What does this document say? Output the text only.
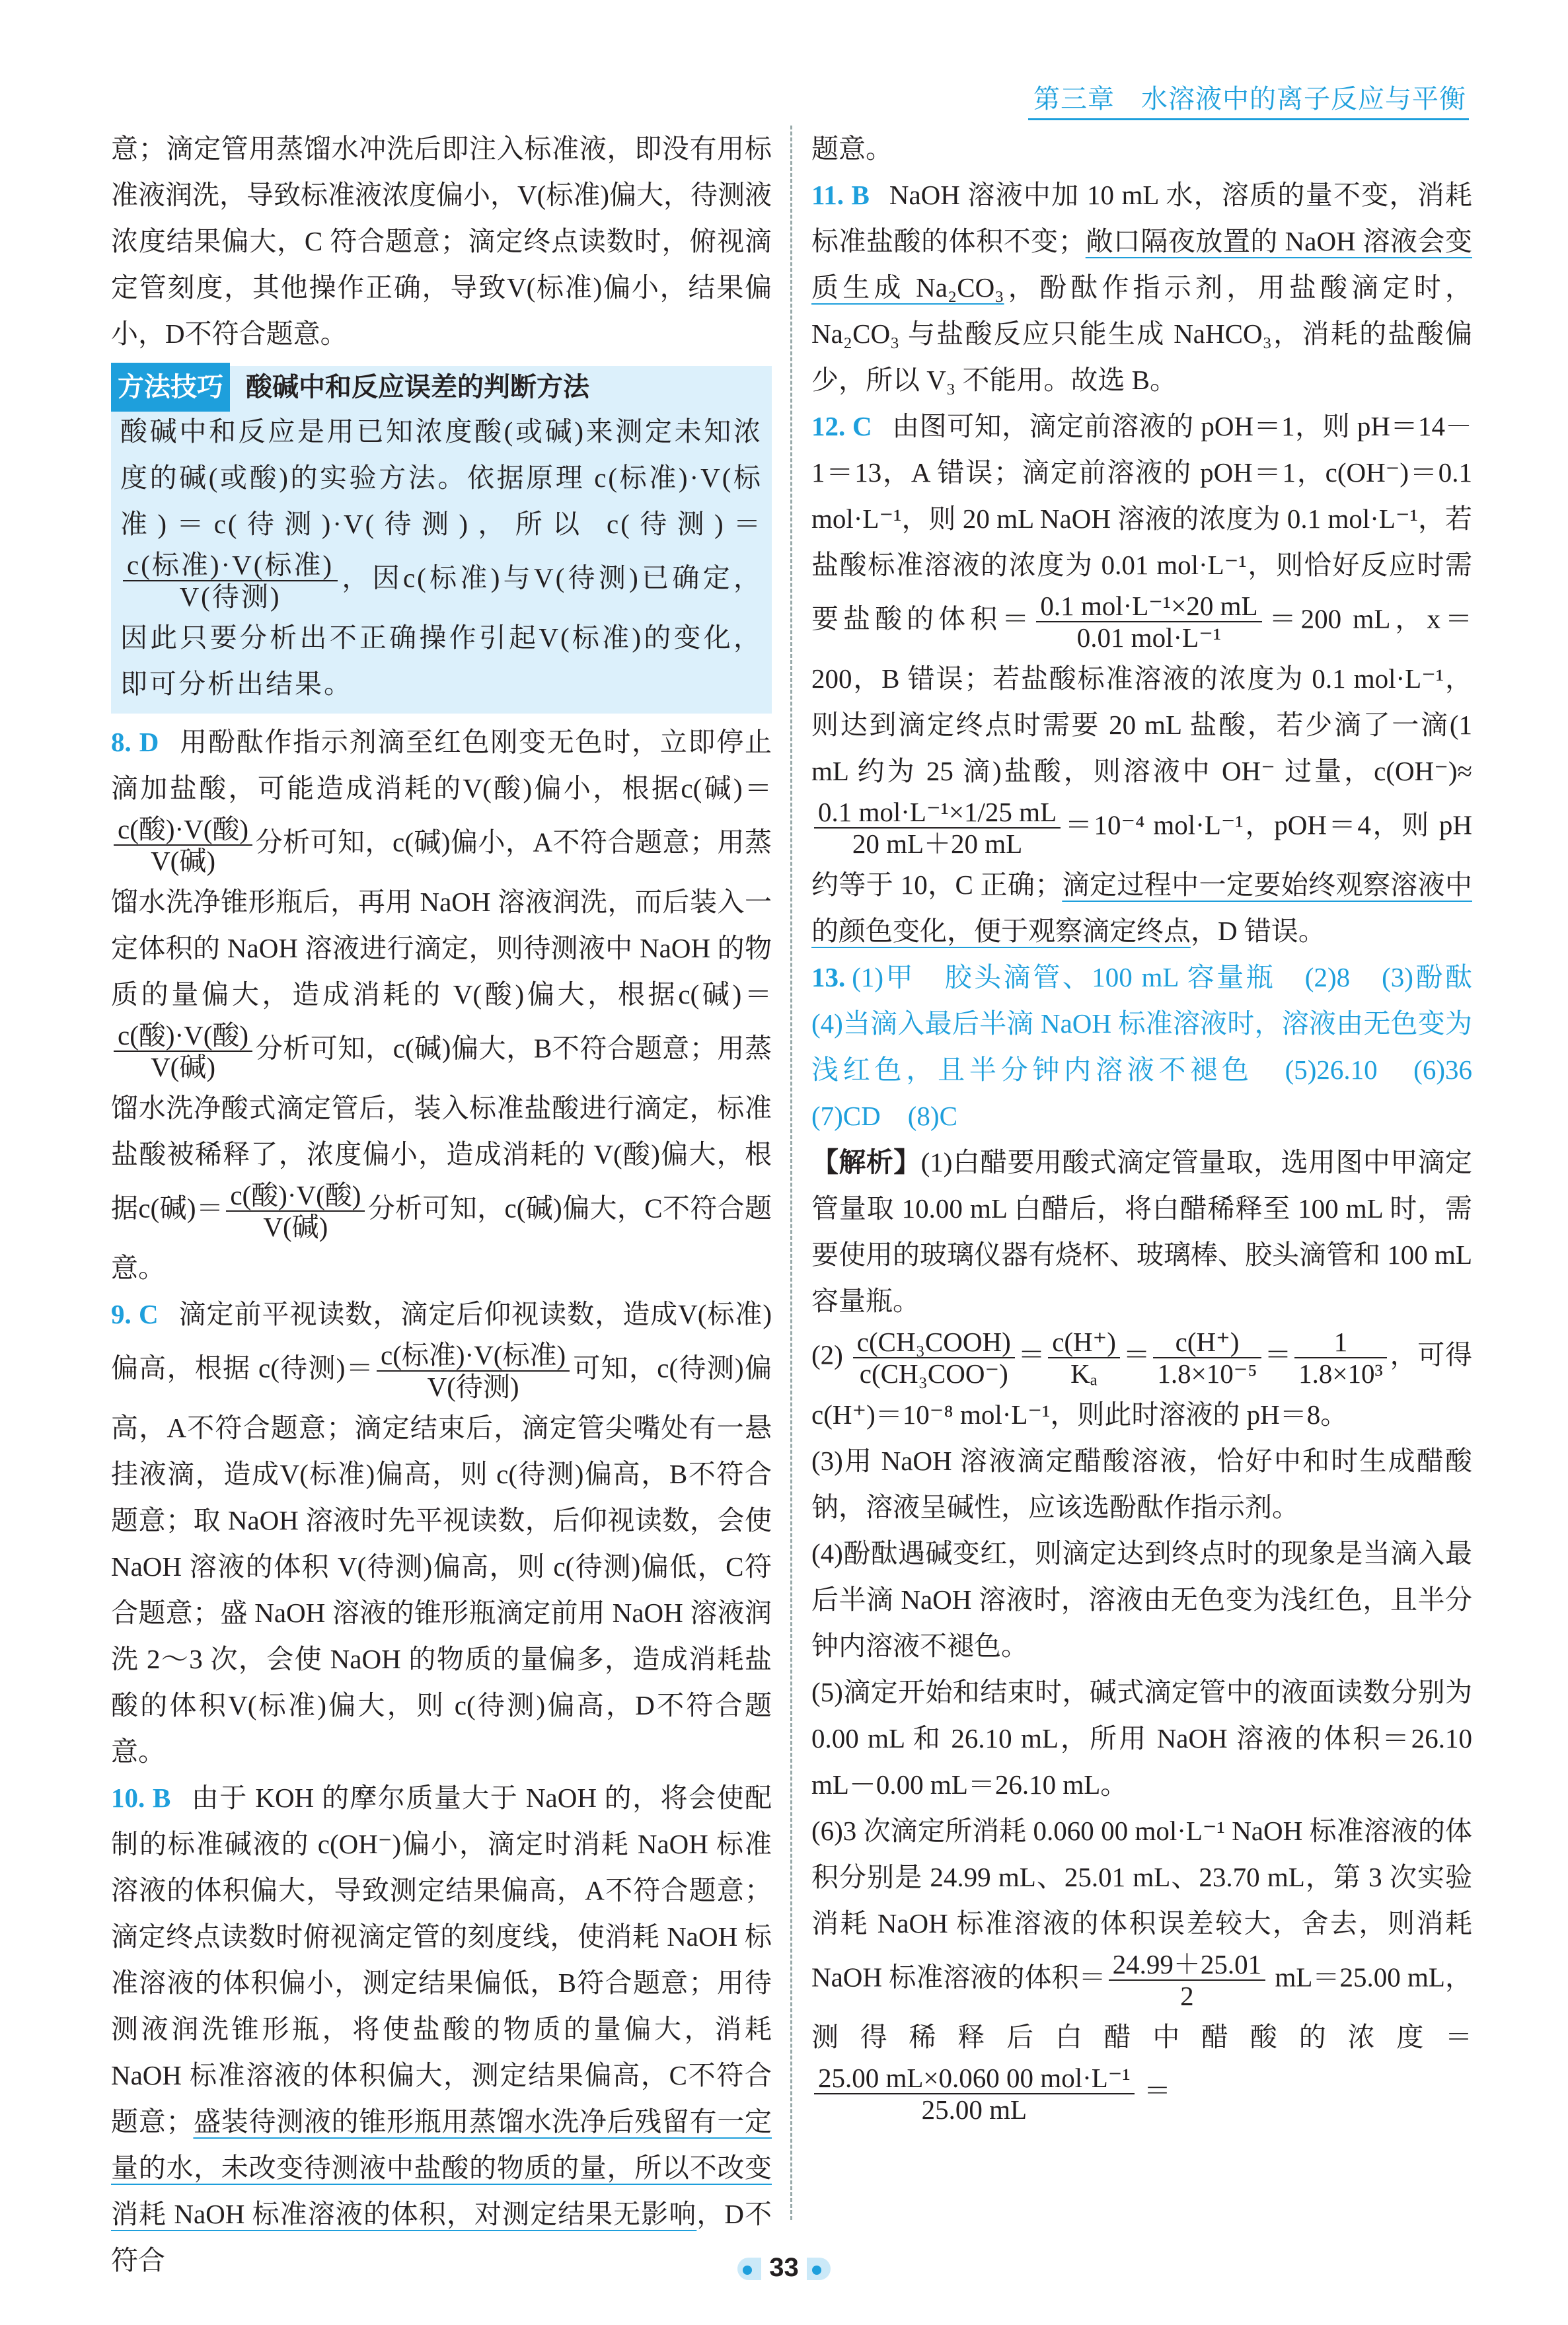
第三章 水溶液中的离子反应与平衡

意；滴定管用蒸馏水冲洗后即注入标准液，即没有用标准液润洗，导致标准液浓度偏小，V(标准)偏大，待测液浓度结果偏大，C 符合题意；滴定终点读数时，俯视滴定管刻度，其他操作正确，导致V(标准)偏小，结果偏小，D不符合题意。

方法技巧 酸碱中和反应误差的判断方法

酸碱中和反应是用已知浓度酸(或碱)来测定未知浓度的碱(或酸)的实验方法。依据原理 c(标准)·V(标准)＝c(待测)·V(待测)，所以 c(待测)＝
$\frac{\text{c(标准)·V(标准)}}{\text{V(待测)}}$ ，因c(标准)与V(待测)已确定，因此只要分析出不正确操作引起V(标准)的变化，即可分析出结果。

8. D 用酚酞作指示剂滴至红色刚变无色时，立即停止滴加盐酸，可能造成消耗的V(酸)偏小，根据c(碱)＝
$\frac{\text{c(酸)·V(酸)}}{\text{V(碱)}}$ 分析可知，c(碱)偏小，A不符合题意；用蒸馏水洗净锥形瓶后，再用 NaOH 溶液润洗，而后装入一定体积的 NaOH 溶液进行滴定，则待测液中 NaOH 的物质的量偏大，造成消耗的 V(酸)偏大，根据c(碱)＝
$\frac{\text{c(酸)·V(酸)}}{\text{V(碱)}}$ 分析可知，c(碱)偏大，B不符合题意；用蒸馏水洗净酸式滴定管后，装入标准盐酸进行滴定，标准盐酸被稀释了，浓度偏小，造成消耗的 V(酸)偏大，根据c(碱)＝ $\frac{\text{c(酸)·V(酸)}}{\text{V(碱)}}$ 分析可知，c(碱)偏大，C不符合题意。

9. C 滴定前平视读数，滴定后仰视读数，造成V(标准)偏高，根据 c(待测)＝ $\frac{\text{c(标准)·V(标准)}}{\text{V(待测)}}$ 可知，c(待测)偏高，A不符合题意；滴定结束后，滴定管尖嘴处有一悬挂液滴，造成V(标准)偏高，则 c(待测)偏高，B不符合题意；取 NaOH 溶液时先平视读数，后仰视读数，会使 NaOH 溶液的体积 V(待测)偏高，则 c(待测)偏低，C符合题意；盛 NaOH 溶液的锥形瓶滴定前用 NaOH 溶液润洗 2～3 次，会使 NaOH 的物质的量偏多，造成消耗盐酸的体积V(标准)偏大，则 c(待测)偏高，D不符合题意。

10. B 由于 KOH 的摩尔质量大于 NaOH 的，将会使配制的标准碱液的 c(OH⁻)偏小，滴定时消耗 NaOH 标准溶液的体积偏大，导致测定结果偏高，A不符合题意；滴定终点读数时俯视滴定管的刻度线，使消耗 NaOH 标准溶液的体积偏小，测定结果偏低，B符合题意；用待测液润洗锥形瓶，将使盐酸的物质的量偏大，消耗 NaOH 标准溶液的体积偏大，测定结果偏高，C不符合题意；盛装待测液的锥形瓶用蒸馏水洗净后残留有一定量的水，未改变待测液中盐酸的物质的量，所以不改变消耗 NaOH 标准溶液的体积，对测定结果无影响，D不符合

题意。

11. B NaOH 溶液中加 10 mL 水，溶质的量不变，消耗标准盐酸的体积不变；敞口隔夜放置的 NaOH 溶液会变质生成 Na₂CO₃，酚酞作指示剂，用盐酸滴定时，Na₂CO₃ 与盐酸反应只能生成 NaHCO₃，消耗的盐酸偏少，所以 V₃ 不能用。故选 B。

12. C 由图可知，滴定前溶液的 pOH＝1，则 pH＝14－1＝13，A 错误；滴定前溶液的 pOH＝1，c(OH⁻)＝0.1 mol·L⁻¹，则 20 mL NaOH 溶液的浓度为 0.1 mol·L⁻¹，若盐酸标准溶液的浓度为 0.01 mol·L⁻¹，则恰好反应时需要盐酸的体积＝ $\frac{\text{0.1 mol·L⁻¹×20 mL}}{\text{0.01 mol·L⁻¹}} =200$ mL，x＝200，B 错误；若盐酸标准溶液的浓度为 0.1 mol·L⁻¹，则达到滴定终点时需要 20 mL 盐酸，若少滴了一滴(1 mL 约为 25 滴)盐酸，则溶液中 OH⁻ 过量，c(OH⁻)≈
$\frac{\text{0.1 mol·L⁻¹×1/25 mL}}{20 mL+20 mL} =10^{-4}$ mol·L⁻¹，pOH＝4，则 pH 约等于 10，C 正确；滴定过程中一定要始终观察溶液中的颜色变化，便于观察滴定终点，D 错误。

13. (1)甲　胶头滴管、100 mL 容量瓶　(2)8　(3)酚酞　(4)当滴入最后半滴 NaOH 标准溶液时，溶液由无色变为浅红色，且半分钟内溶液不褪色　(5)26.10　(6)36　(7)CD　(8)C

【解析】(1)白醋要用酸式滴定管量取，选用图中甲滴定管量取 10.00 mL 白醋后，将白醋稀释至 100 mL 时，需要使用的玻璃仪器有烧杯、玻璃棒、胶头滴管和 100 mL 容量瓶。

$(2) \frac{\text{c(CH₃COOH)}}{\text{c(CH₃COO⁻)}} = \frac{c(H^+)}{\text{Kₐ}} = \frac{c(H^+)}{\text{1.8×10⁻⁵}} = \frac{1}{\text{1.8×10³}}$ ，可得 c(H⁺)＝10⁻⁸ mol·L⁻¹，则此时溶液的 pH＝8。

(3)用 NaOH 溶液滴定醋酸溶液，恰好中和时生成醋酸钠，溶液呈碱性，应该选酚酞作指示剂。

(4)酚酞遇碱变红，则滴定达到终点时的现象是当滴入最后半滴 NaOH 溶液时，溶液由无色变为浅红色，且半分钟内溶液不褪色。

(5)滴定开始和结束时，碱式滴定管中的液面读数分别为 0.00 mL 和 26.10 mL，所用 NaOH 溶液的体积＝26.10 mL－0.00 mL＝26.10 mL。

(6)3 次滴定所消耗 0.060 00 mol·L⁻¹ NaOH 标准溶液的体积分别是 24.99 mL、25.01 mL、23.70 mL，第 3 次实验消耗 NaOH 标准溶液的体积误差较大，舍去，则消耗 NaOH 标准溶液的体积＝ $\frac{24.99+25.01}{2} mL=25.00$ mL，测得稀释后白醋中醋酸的浓度＝
$\frac{\text{25.00 mL×0.060 00 mol·L⁻¹}}{25.00 mL}$ ＝

33
